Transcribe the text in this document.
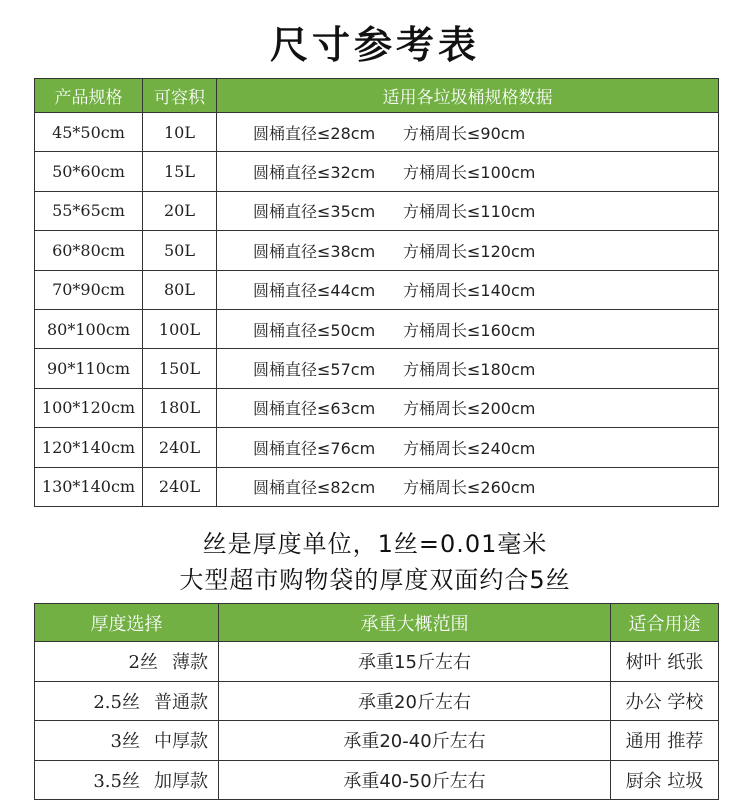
尺寸参考表
产品规格	可容积	适用各垃圾桶规格数据
45*50cm	10L	圆桶直径≤28cm 方桶周长≤90cm
50*60cm	15L	圆桶直径≤32cm 方桶周长≤100cm
55*65cm	20L	圆桶直径≤35cm 方桶周长≤110cm
60*80cm	50L	圆桶直径≤38cm 方桶周长≤120cm
70*90cm	80L	圆桶直径≤44cm 方桶周长≤140cm
80*100cm	100L	圆桶直径≤50cm 方桶周长≤160cm
90*110cm	150L	圆桶直径≤57cm 方桶周长≤180cm
100*120cm	180L	圆桶直径≤63cm 方桶周长≤200cm
120*140cm	240L	圆桶直径≤76cm 方桶周长≤240cm
130*140cm	240L	圆桶直径≤82cm 方桶周长≤260cm
丝是厚度单位，1丝=0.01毫米
大型超市购物袋的厚度双面约合5丝
厚度选择	承重大概范围	适合用途
2丝 薄款	承重15斤左右	树叶 纸张
2.5丝 普通款	承重20斤左右	办公 学校
3丝 中厚款	承重20-40斤左右	通用 推荐
3.5丝 加厚款	承重40-50斤左右	厨余 垃圾
